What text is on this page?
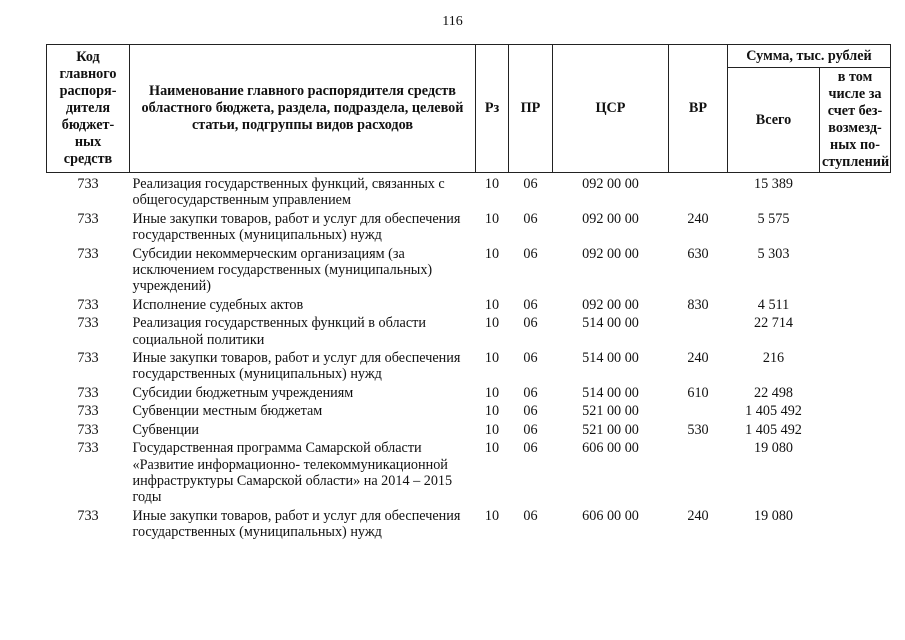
116
Код главного распоря- дителя бюджет- ных средств	Наименование главного распорядителя средств областного бюджета, раздела, подраздела, целевой статьи, подгруппы видов расходов	Рз	ПР	ЦСР	ВР	Сумма, тыс. рублей	
						Всего	в том числе за счет без- возмезд- ных по- ступлений
733	Реализация государственных функций, связанных с общегосударственным управлением	10	06	092 00 00		15 389	
733	Иные закупки товаров, работ и услуг для обеспечения государственных (муниципальных) нужд	10	06	092 00 00	240	5 575	
733	Субсидии некоммерческим организациям (за исключением государственных (муниципальных) учреждений)	10	06	092 00 00	630	5 303	
733	Исполнение судебных актов	10	06	092 00 00	830	4 511	
733	Реализация государственных функций в области социальной политики	10	06	514 00 00		22 714	
733	Иные закупки товаров, работ и услуг для обеспечения государственных (муниципальных) нужд	10	06	514 00 00	240	216	
733	Субсидии бюджетным учреждениям	10	06	514 00 00	610	22 498	
733	Субвенции местным бюджетам	10	06	521 00 00		1 405 492	
733	Субвенции	10	06	521 00 00	530	1 405 492	
733	Государственная программа Самарской области «Развитие информационно- телекоммуникационной инфраструктуры Самарской области» на 2014 – 2015 годы	10	06	606 00 00		19 080	
733	Иные закупки товаров, работ и услуг для обеспечения государственных (муниципальных) нужд	10	06	606 00 00	240	19 080	
